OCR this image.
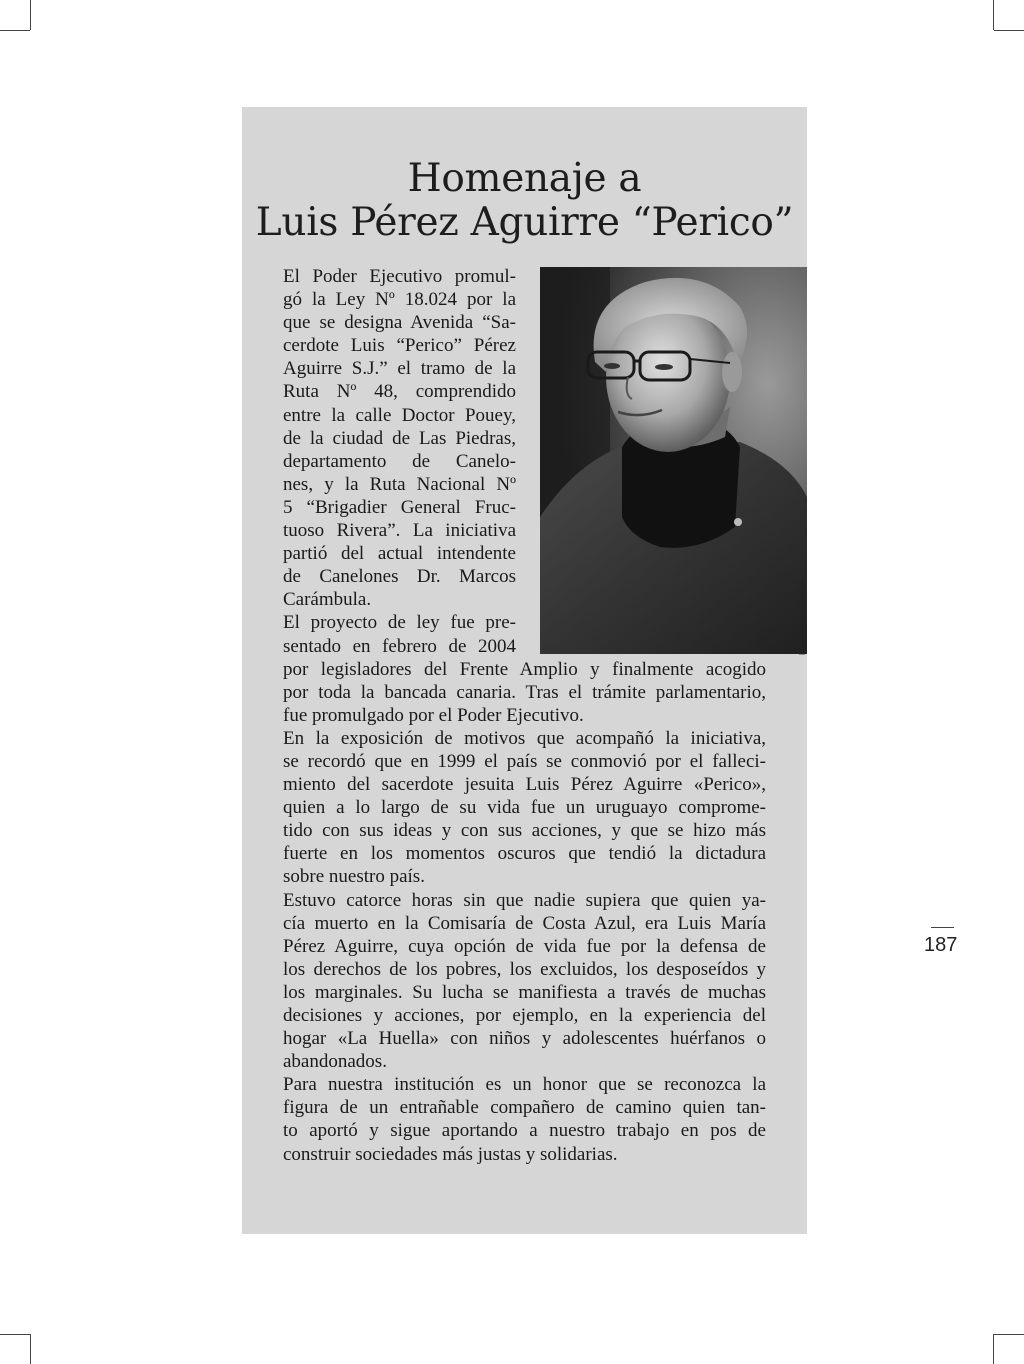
Homenaje a
Luis Pérez Aguirre “Perico”
Foto: Archivo Brecha
El Poder Ejecutivo promul-
gó la Ley Nº 18.024 por la
que se designa Avenida “Sa-
cerdote Luis “Perico” Pérez
Aguirre S.J.” el tramo de la
Ruta Nº 48, comprendido
entre la calle Doctor Pouey,
de la ciudad de Las Piedras,
departamento de Canelo-
nes, y la Ruta Nacional Nº
5 “Brigadier General Fruc-
tuoso Rivera”. La iniciativa
partió del actual intendente
de Canelones Dr. Marcos
Carámbula.
El proyecto de ley fue pre-
sentado en febrero de 2004
por legisladores del Frente Amplio y finalmente acogido
por toda la bancada canaria. Tras el trámite parlamentario,
fue promulgado por el Poder Ejecutivo.
En la exposición de motivos que acompañó la iniciativa,
se recordó que en 1999 el país se conmovió por el falleci-
miento del sacerdote jesuita Luis Pérez Aguirre «Perico»,
quien a lo largo de su vida fue un uruguayo comprome-
tido con sus ideas y con sus acciones, y que se hizo más
fuerte en los momentos oscuros que tendió la dictadura
sobre nuestro país.
Estuvo catorce horas sin que nadie supiera que quien ya-
cía muerto en la Comisaría de Costa Azul, era Luis María
Pérez Aguirre, cuya opción de vida fue por la defensa de
los derechos de los pobres, los excluidos, los desposeídos y
los marginales. Su lucha se manifiesta a través de muchas
decisiones y acciones, por ejemplo, en la experiencia del
hogar «La Huella» con niños y adolescentes huérfanos o
abandonados.
Para nuestra institución es un honor que se reconozca la
figura de un entrañable compañero de camino quien tan-
to aportó y sigue aportando a nuestro trabajo en pos de
construir sociedades más justas y solidarias.
187
